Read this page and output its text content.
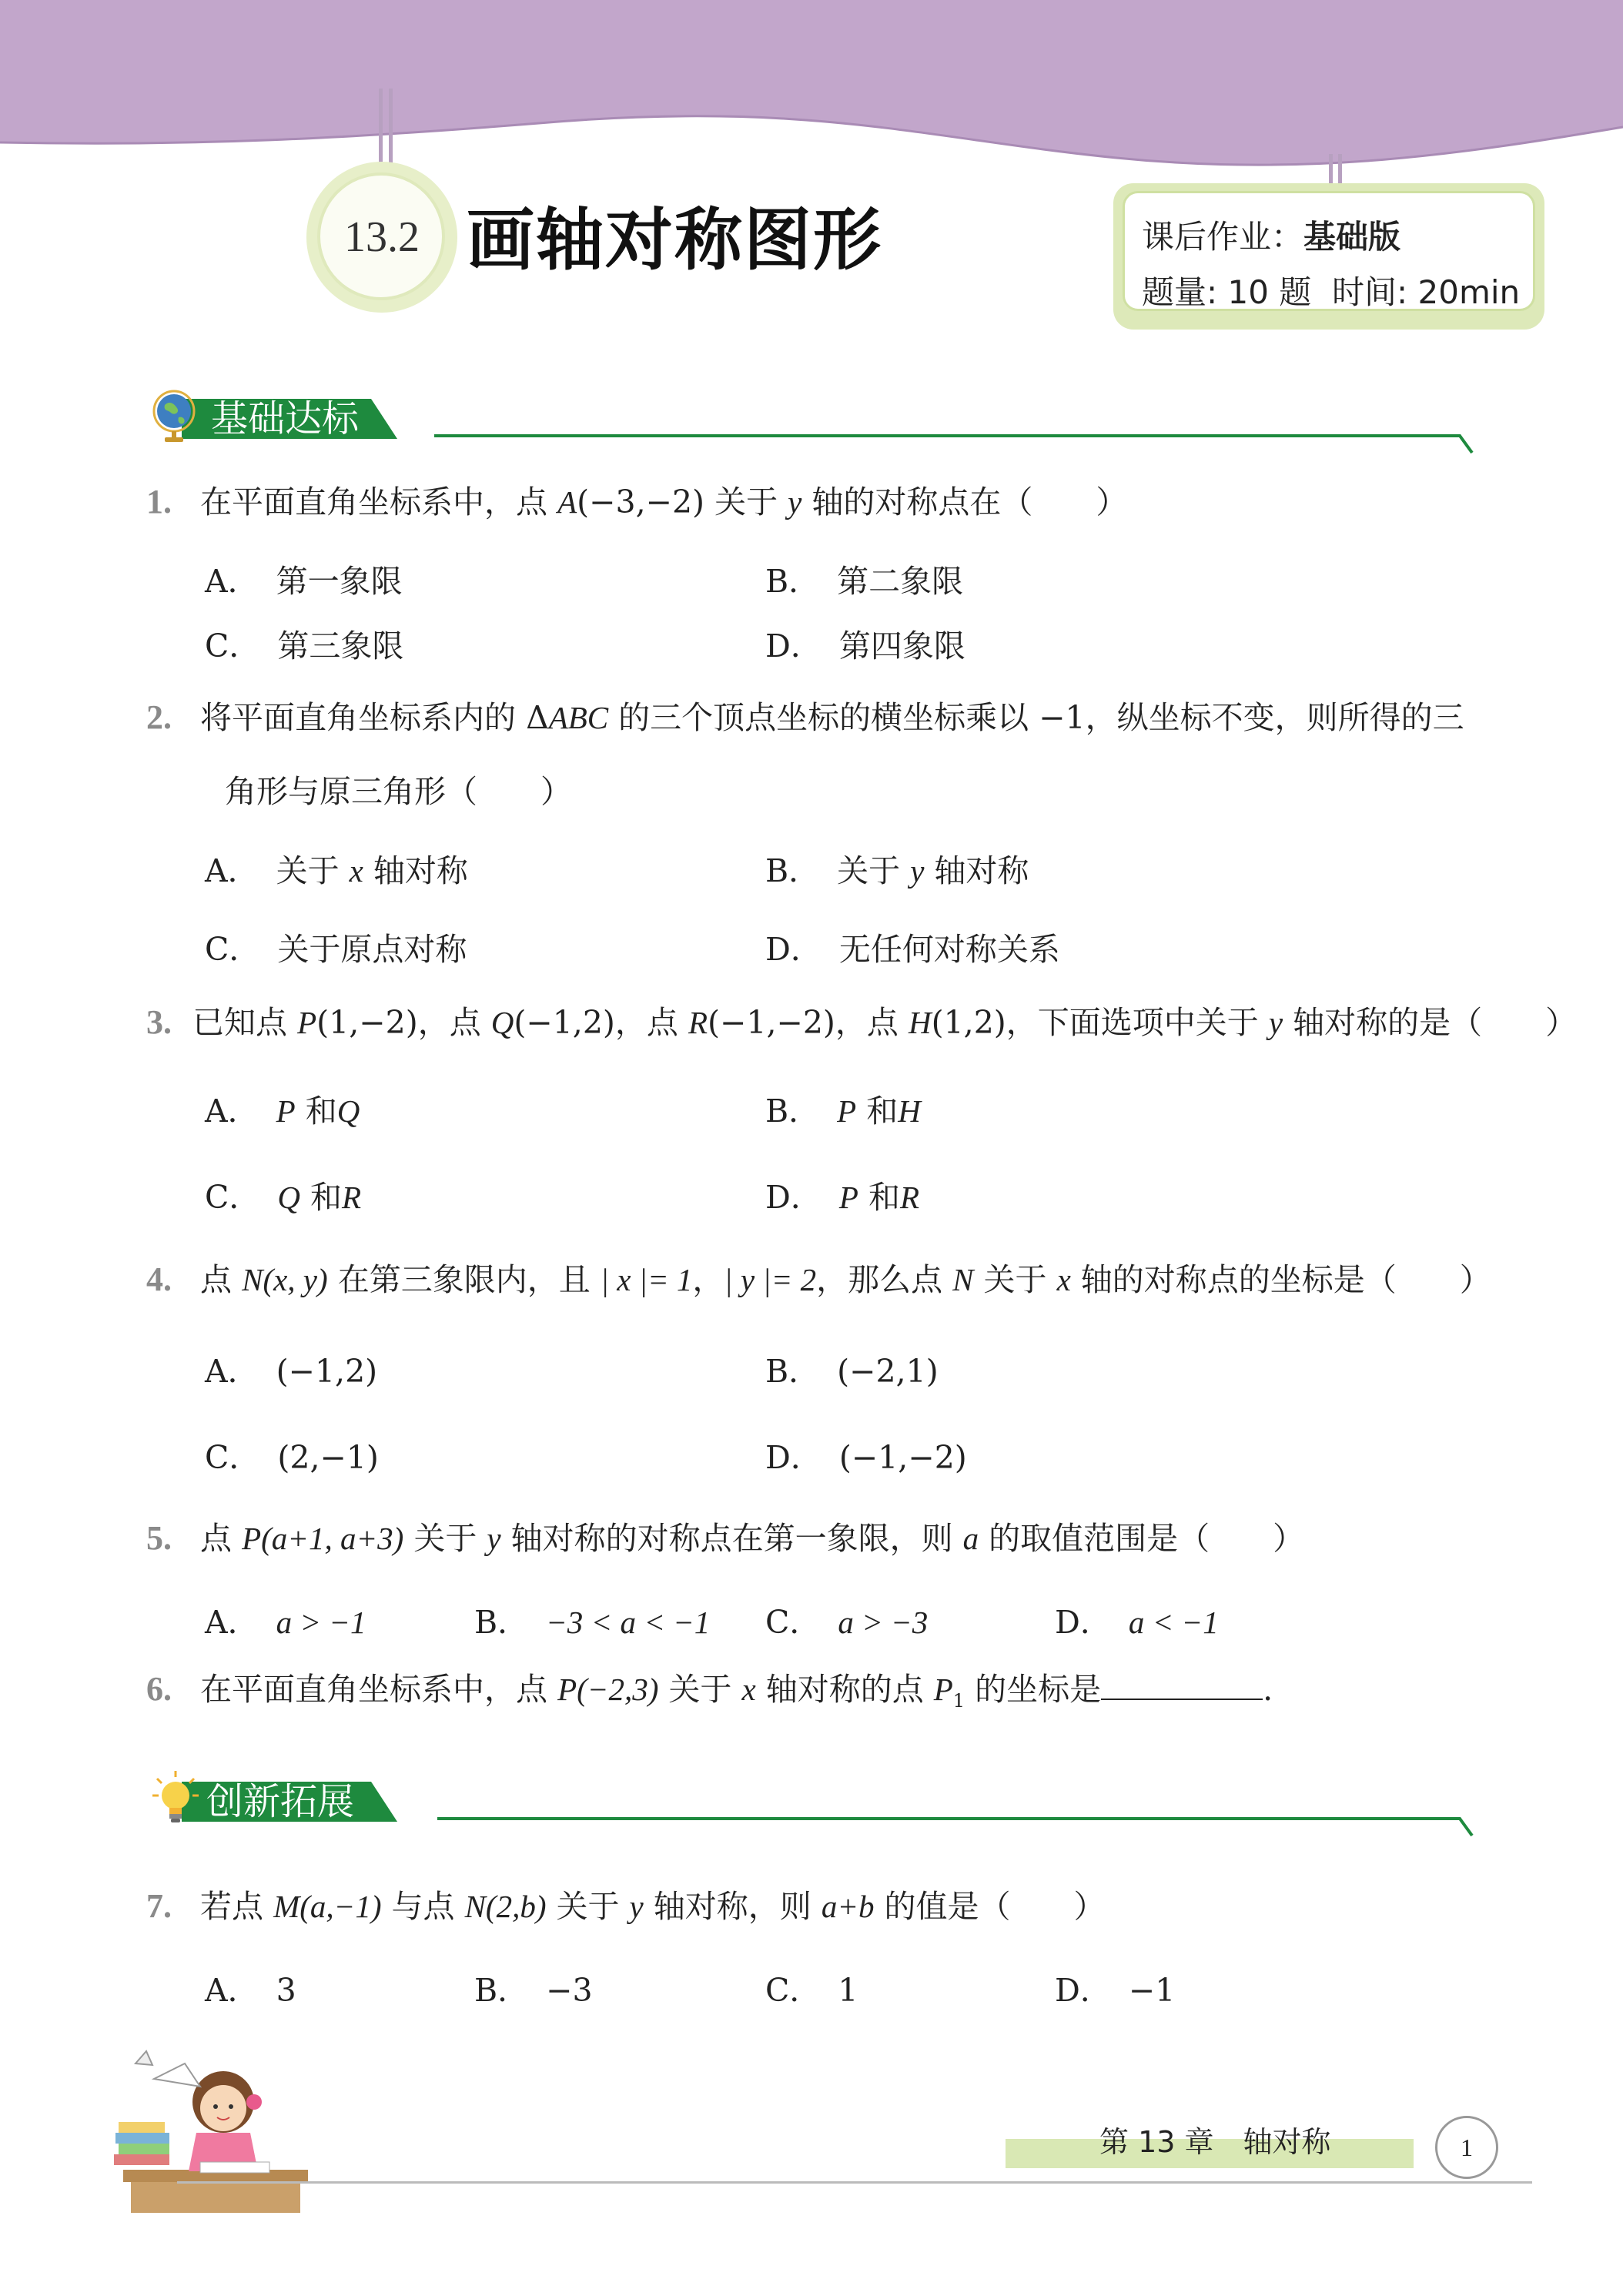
13.2 画轴对称图形	课后作业：基础版
题量: 10 题  时间: 20min
基础达标
1. 在平面直角坐标系中，点 A(−3,−2) 关于 y 轴的对称点在（　　）
A． 第一象限	B． 第二象限
C． 第三象限	D． 第四象限
2. 将平面直角坐标系内的 ΔABC 的三个顶点坐标的横坐标乘以 −1，纵坐标不变，则所得的三
角形与原三角形（　　）
A． 关于 x 轴对称	B． 关于 y 轴对称
C． 关于原点对称	D． 无任何对称关系
3. 已知点 P(1,−2)，点 Q(−1,2)，点 R(−1,−2)，点 H(1,2)，下面选项中关于 y 轴对称的是（　　）
A． P 和Q	B． P 和H
C． Q 和R	D． P 和R
4. 点 N(x, y) 在第三象限内，且 | x |= 1，| y |= 2，那么点 N 关于 x 轴的对称点的坐标是（　　）
A． (−1,2)	B． (−2,1)
C． (2,−1)	D． (−1,−2)
5. 点 P(a+1, a+3) 关于 y 轴对称的对称点在第一象限，则 a 的取值范围是（　　）
A． a > −1	B． −3 < a < −1 C． a > −3	D． a < −1
6. 在平面直角坐标系中，点 P(−2,3) 关于 x 轴对称的点 $P_1$ 的坐标是	.
创新拓展
7. 若点 M(a,−1) 与点 N(2,b) 关于 y 轴对称，则 a+b 的值是（　　）
A． 3	B． −3	C． 1	D． −1
第 13 章　轴对称	1
